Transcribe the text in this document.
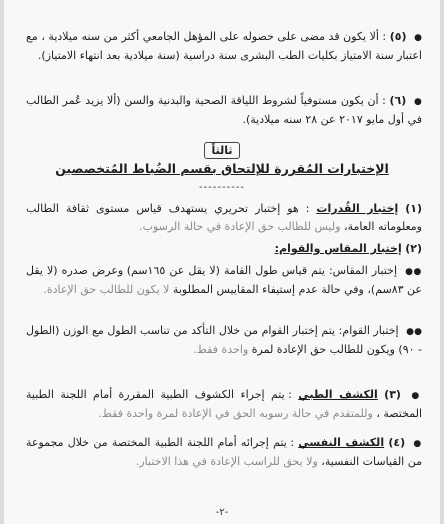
● (٥) : ألا يكون قد مضى على حصوله على المؤهل الجامعي أكثر من سنه ميلادية ، مع اعتبار سنة الامتياز بكليات الطب البشرى سنة دراسية (سنة ميلادية بعد انتهاء الامتياز).
● (٦) : أن يكون مستوفياً لشروط اللياقة الصحية والبدنية والسن (ألا يزيد عُمر الطالب في أول مايو ٢٠١٧ عن ٢٨ سنه ميلادية).
ثالثاً
الإختبارات المُقررة للإلتحاق بقسم الضُباط المُتخصصين
----------
(١) إختبار القُدرات : هو إختبار تحريري يستهدف قياس مستوى ثقافة الطالب ومعلوماته العامة، وليس للطالب حق الإعادة في حالة الرسوب.
(٢) إختبار المقاس والقوام:
●● إختبار المقاس: يتم قياس طول القامة (لا يقل عن ١٦٥سم) وعرض صدره (لا يقل عن ٨٣سم)، وفي حالة عدم إستيفاء المقاييس المطلوبة لا يكون للطالب حق الإعادة.
●● إختبار القوام: يتم إختبار القوام من خلال التأكد من تناسب الطول مع الوزن (الطول - ٩٠) ويكون للطالب حق الإعادة لمرة واحدة فقط.
● (٣) الكشف الطبي : يتم إجراء الكشوف الطبية المقررة أمام اللجنة الطبية المختصة ، وللمتقدم في حالة رسوبه الحق في الإعادة لمرة واحدة فقط.
● (٤) الكشف النفسي : يتم إجرائه أمام اللجنة الطبية المختصة من خلال مجموعة من القياسات النفسية، ولا يحق للراسب الإعادة في هذا الاختبار.
-٢-
